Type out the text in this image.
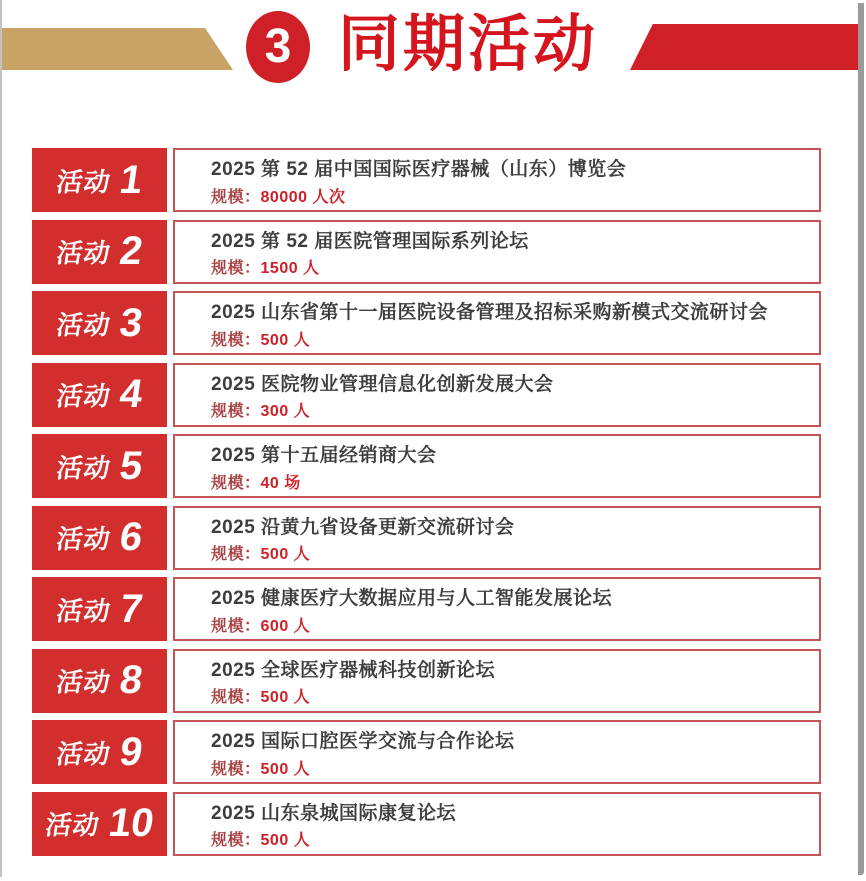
3 同期活动
活动 1	2025 第 52 届中国国际医疗器械（山东）博览会
规模：80000 人次
活动 2	2025 第 52 届医院管理国际系列论坛
规模：1500 人
活动 3	2025 山东省第十一届医院设备管理及招标采购新模式交流研讨会
规模：500 人
活动 4	2025 医院物业管理信息化创新发展大会
规模：300 人
活动 5	2025 第十五届经销商大会
规模：40 场
活动 6	2025 沿黄九省设备更新交流研讨会
规模：500 人
活动 7	2025 健康医疗大数据应用与人工智能发展论坛
规模：600 人
活动 8	2025 全球医疗器械科技创新论坛
规模：500 人
活动 9	2025 国际口腔医学交流与合作论坛
规模：500 人
活动 10	2025 山东泉城国际康复论坛
规模：500 人
